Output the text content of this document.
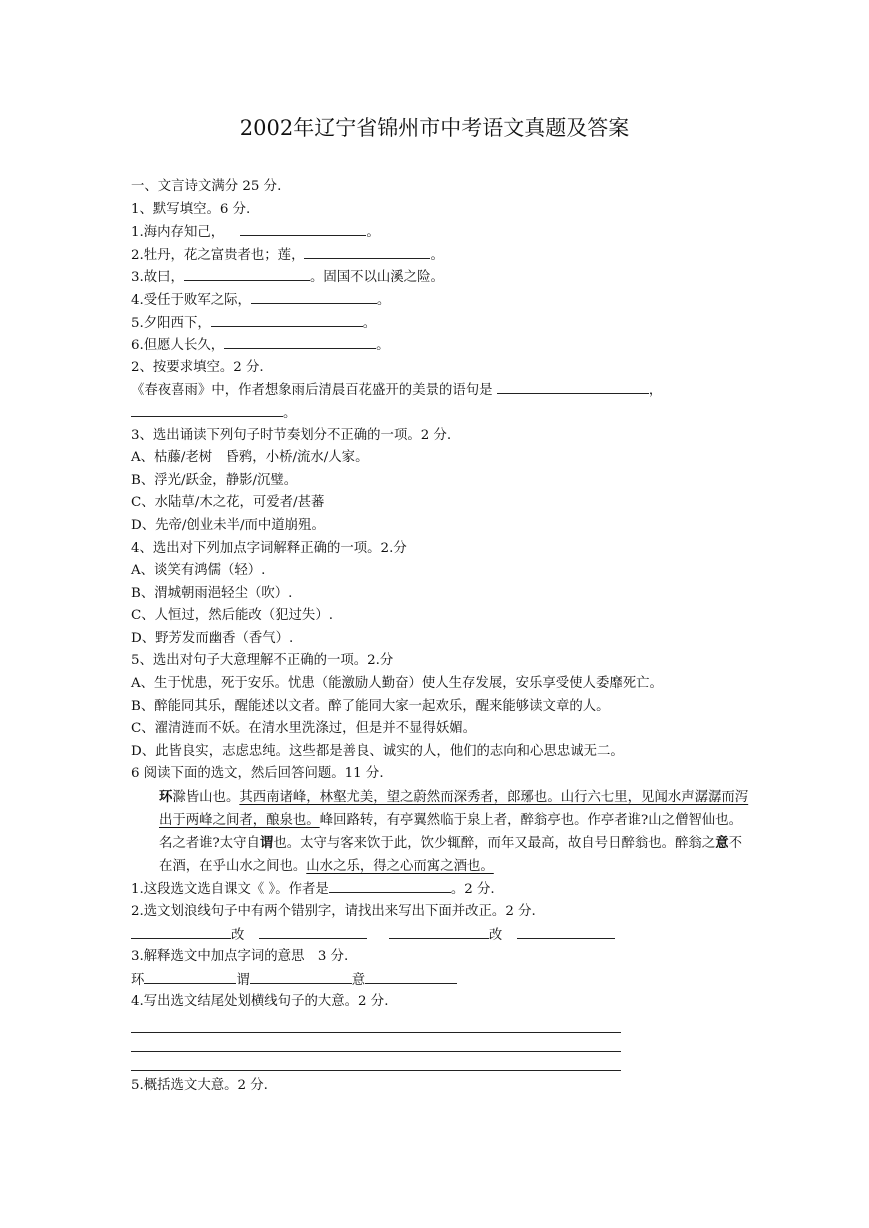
2002年辽宁省锦州市中考语文真题及答案
一、文言诗文满分 25 分.
1、默写填空。6 分.
1.海内存知己，	。
2.牡丹，花之富贵者也；莲，	。
3.故曰，	。固国不以山溪之险。
4.受任于败军之际，	。
5.夕阳西下，	。
6.但愿人长久，	。
2、按要求填空。2 分.
《春夜喜雨》中，作者想象雨后清晨百花盛开的美景的语句是	，
。
3、选出诵读下列句子时节奏划分不正确的一项。2 分.
A、枯藤/老树　昏鸦，小桥/流水/人家。
B、浮光/跃金，静影/沉璧。
C、水陆草/木之花，可爱者/甚蕃
D、先帝/创业未半/而中道崩殂。
4、选出对下列加点字词解释正确的一项。2.分
A、谈笑有鸿儒（轻）.
B、渭城朝雨浥轻尘（吹）.
C、人恒过，然后能改（犯过失）.
D、野芳发而幽香（香气）.
5、选出对句子大意理解不正确的一项。2.分
A、生于忧患，死于安乐。忧患（能激励人勤奋）使人生存发展，安乐享受使人委靡死亡。
B、醉能同其乐，醒能述以文者。醉了能同大家一起欢乐，醒来能够读文章的人。
C、濯清涟而不妖。在清水里洗涤过，但是并不显得妖媚。
D、此皆良实，志虑忠纯。这些都是善良、诚实的人，他们的志向和心思忠诚无二。
6 阅读下面的选文，然后回答问题。11 分.
环滁皆山也。其西南诸峰，林壑尤美，望之蔚然而深秀者，郎琊也。山行六七里，见闻水声潺潺而泻出于两峰之间者，酿泉也。峰回路转，有亭翼然临于泉上者，醉翁亭也。作亭者谁?山之僧智仙也。名之者谁?太守自谓也。太守与客来饮于此，饮少辄醉，而年又最高，故自号日醉翁也。醉翁之意不在酒，在乎山水之间也。山水之乐，得之心而寓之酒也。
1.这段选文选自课文《 》。作者是	。2 分.
2.选文划浪线句子中有两个错别字，请找出来写出下面并改正。2 分.
改	改
3.解释选文中加点字词的意思　3 分.
环	谓	意
4.写出选文结尾处划横线句子的大意。2 分.
5.概括选文大意。2 分.
